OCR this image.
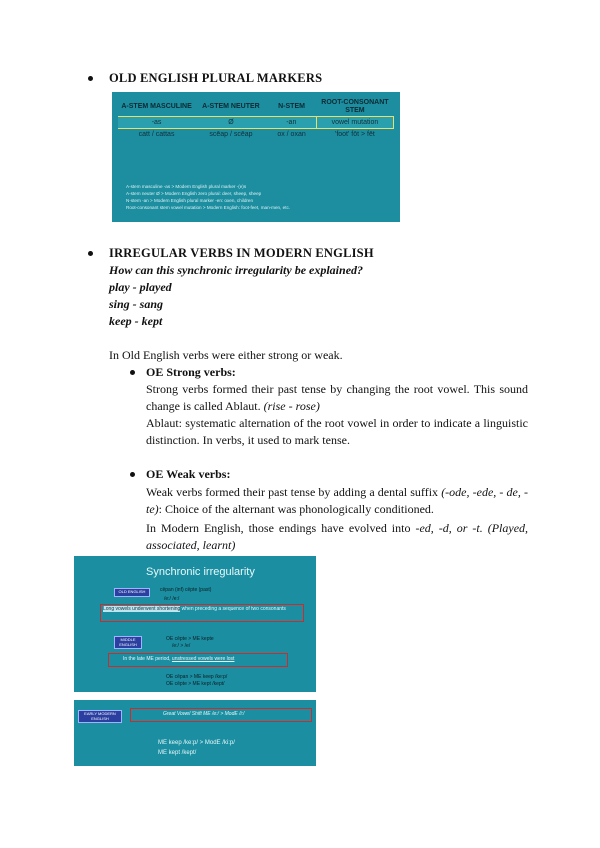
OLD ENGLISH PLURAL MARKERS
A-STEM MASCULINE	A-STEM NEUTER	N-STEM	ROOT-CONSONANT STEM
-as	Ø	-an	vowel mutation
catt / cattas	scēap / scēap	ox / oxan	'foot' fōt > fēt
A-stem masculine -as > Modern English plural marker -(e)s
A-stem neuter Ø > Modern English zero plural: deer, sheep, sheep
N-stem -an > Modern English plural marker -en: oxen, children
Root-consonant stem vowel mutation > Modern English: foot-feet, man-men, etc.
IRREGULAR VERBS IN MODERN ENGLISH
How can this synchronic irregularity be explained?
play - played
sing - sang
keep - kept
In Old English verbs were either strong or weak.
OE Strong verbs:
Strong verbs formed their past tense by changing the root vowel. This sound change is called Ablaut. (rise - rose)
Ablaut: systematic alternation of the root vowel in order to indicate a linguistic distinction. In verbs, it used to mark tense.
OE Weak verbs:
Weak verbs formed their past tense by adding a dental suffix (-ode, -ede, - de, -te): Choice of the alternant was phonologically conditioned.
In Modern English, those endings have evolved into -ed, -d, or -t. (Played, associated, learnt)
Synchronic irregularity
OLD ENGLISH	cēpan (inf) cēpte (past)
/e:/ /e:/
Long vowels underwent shortening when preceding a sequence of two consonants
MIDDLE ENGLISH
OE cēpte > ME kepte
/e:/ > /e/
In the late ME period, unstressed vowels were lost
OE cēpan > ME keep /ke:p/
OE cēpte > ME kept /kept/
EARLY MODERN ENGLISH
Great Vowel Shift ME /e:/ > ModE /i:/
ME keep /ke:p/ > ModE /ki:p/
ME kept /kept/
